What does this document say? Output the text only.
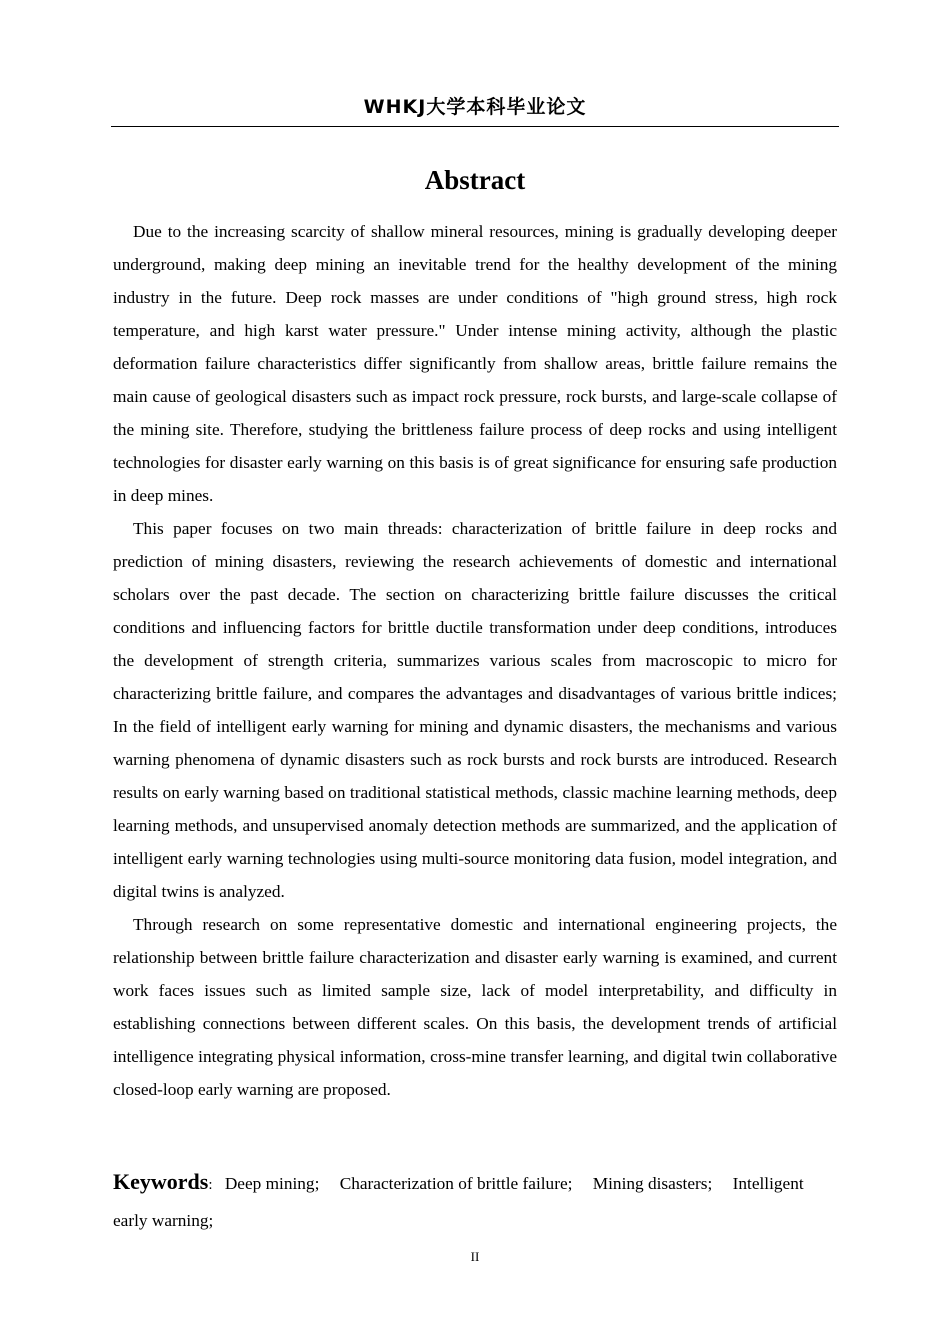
WHKJ大学本科毕业论文
Abstract

Due to the increasing scarcity of shallow mineral resources, mining is gradually developing deeper underground, making deep mining an inevitable trend for the healthy development of the mining industry in the future. Deep rock masses are under conditions of "high ground stress, high rock temperature, and high karst water pressure." Under intense mining activity, although the plastic deformation failure characteristics differ significantly from shallow areas, brittle failure remains the main cause of geological disasters such as impact rock pressure, rock bursts, and large-scale collapse of the mining site. Therefore, studying the brittleness failure process of deep rocks and using intelligent technologies for disaster early warning on this basis is of great significance for ensuring safe production in deep mines.

This paper focuses on two main threads: characterization of brittle failure in deep rocks and prediction of mining disasters, reviewing the research achievements of domestic and international scholars over the past decade. The section on characterizing brittle failure discusses the critical conditions and influencing factors for brittle ductile transformation under deep conditions, introduces the development of strength criteria, summarizes various scales from macroscopic to micro for characterizing brittle failure, and compares the advantages and disadvantages of various brittle indices; In the field of intelligent early warning for mining and dynamic disasters, the mechanisms and various warning phenomena of dynamic disasters such as rock bursts and rock bursts are introduced. Research results on early warning based on traditional statistical methods, classic machine learning methods, deep learning methods, and unsupervised anomaly detection methods are summarized, and the application of intelligent early warning technologies using multi-source monitoring data fusion, model integration, and digital twins is analyzed.

Through research on some representative domestic and international engineering projects, the relationship between brittle failure characterization and disaster early warning is examined, and current work faces issues such as limited sample size, lack of model interpretability, and difficulty in establishing connections between different scales. On this basis, the development trends of artificial intelligence integrating physical information, cross-mine transfer learning, and digital twin collaborative closed-loop early warning are proposed.

Keywords: Deep mining; Characterization of brittle failure; Mining disasters; Intelligent early warning;
II
